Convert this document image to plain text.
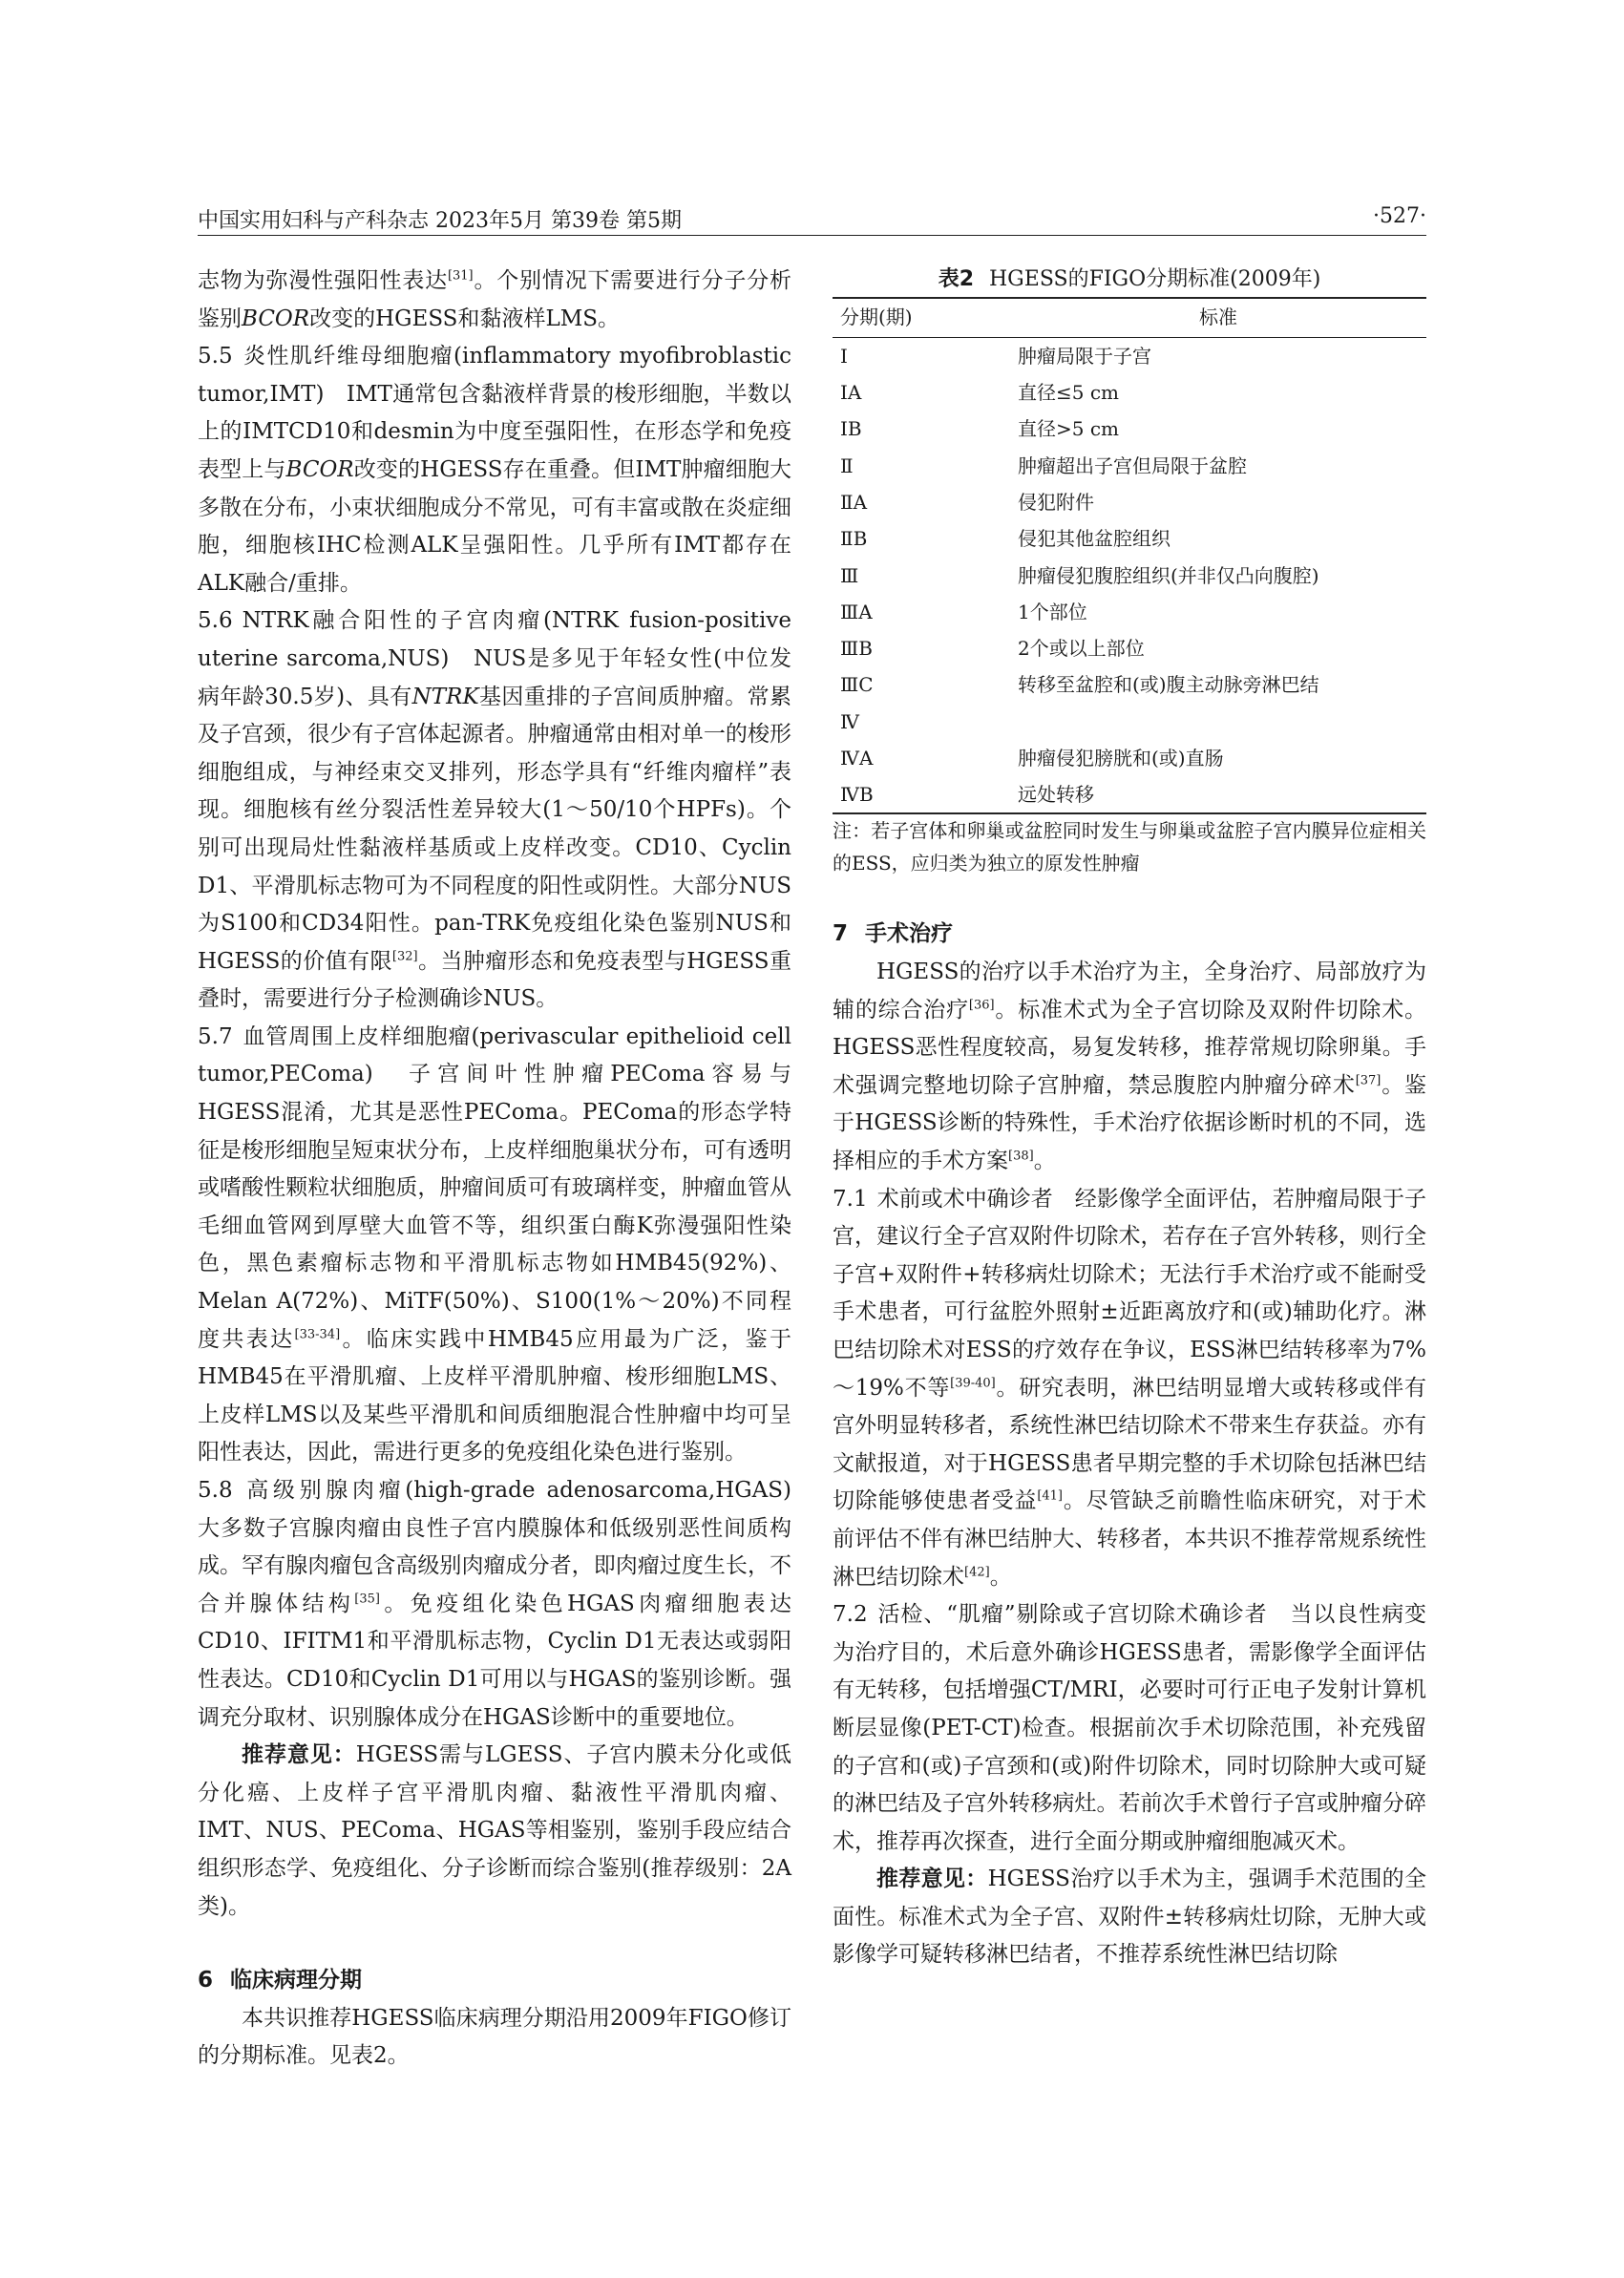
中国实用妇科与产科杂志 2023年5月 第39卷 第5期	·527·

志物为弥漫性强阳性表达[31]。个别情况下需要进行分子分析鉴别BCOR改变的HGESS和黏液样LMS。

5.5 炎性肌纤维母细胞瘤(inflammatory myofibroblastic tumor,IMT)　IMT通常包含黏液样背景的梭形细胞，半数以上的IMTCD10和desmin为中度至强阳性，在形态学和免疫表型上与BCOR改变的HGESS存在重叠。但IMT肿瘤细胞大多散在分布，小束状细胞成分不常见，可有丰富或散在炎症细胞，细胞核IHC检测ALK呈强阳性。几乎所有IMT都存在ALK融合/重排。

5.6 NTRK融合阳性的子宫肉瘤(NTRK fusion-positive uterine sarcoma,NUS)　NUS是多见于年轻女性(中位发病年龄30.5岁)、具有NTRK基因重排的子宫间质肿瘤。常累及子宫颈，很少有子宫体起源者。肿瘤通常由相对单一的梭形细胞组成，与神经束交叉排列，形态学具有“纤维肉瘤样”表现。细胞核有丝分裂活性差异较大(1～50/10个HPFs)。个别可出现局灶性黏液样基质或上皮样改变。CD10、Cyclin D1、平滑肌标志物可为不同程度的阳性或阴性。大部分NUS为S100和CD34阳性。pan-TRK免疫组化染色鉴别NUS和HGESS的价值有限[32]。当肿瘤形态和免疫表型与HGESS重叠时，需要进行分子检测确诊NUS。

5.7 血管周围上皮样细胞瘤(perivascular epithelioid cell tumor,PEComa)　子宫间叶性肿瘤PEComa容易与HGESS混淆，尤其是恶性PEComa。PEComa的形态学特征是梭形细胞呈短束状分布，上皮样细胞巢状分布，可有透明或嗜酸性颗粒状细胞质，肿瘤间质可有玻璃样变，肿瘤血管从毛细血管网到厚壁大血管不等，组织蛋白酶K弥漫强阳性染色，黑色素瘤标志物和平滑肌标志物如HMB45(92%)、Melan A(72%)、MiTF(50%)、S100(1%～20%)不同程度共表达[33-34]。临床实践中HMB45应用最为广泛，鉴于HMB45在平滑肌瘤、上皮样平滑肌肿瘤、梭形细胞LMS、上皮样LMS以及某些平滑肌和间质细胞混合性肿瘤中均可呈阳性表达，因此，需进行更多的免疫组化染色进行鉴别。

5.8 高级别腺肉瘤(high-grade adenosarcoma,HGAS)　大多数子宫腺肉瘤由良性子宫内膜腺体和低级别恶性间质构成。罕有腺肉瘤包含高级别肉瘤成分者，即肉瘤过度生长，不合并腺体结构[35]。免疫组化染色HGAS肉瘤细胞表达CD10、IFITM1和平滑肌标志物，Cyclin D1无表达或弱阳性表达。CD10和Cyclin D1可用以与HGAS的鉴别诊断。强调充分取材、识别腺体成分在HGAS诊断中的重要地位。

推荐意见：HGESS需与LGESS、子宫内膜未分化或低分化癌、上皮样子宫平滑肌肉瘤、黏液性平滑肌肉瘤、IMT、NUS、PEComa、HGAS等相鉴别，鉴别手段应结合组织形态学、免疫组化、分子诊断而综合鉴别(推荐级别：2A类)。

6 临床病理分期

本共识推荐HGESS临床病理分期沿用2009年FIGO修订的分期标准。见表2。

表2 HGESS的FIGO分期标准(2009年)

分期(期)	标准
Ⅰ	肿瘤局限于子宫
ⅠA	直径≤5 cm
ⅠB	直径>5 cm
Ⅱ	肿瘤超出子宫但局限于盆腔
ⅡA	侵犯附件
ⅡB	侵犯其他盆腔组织
Ⅲ	肿瘤侵犯腹腔组织(并非仅凸向腹腔)
ⅢA	1个部位
ⅢB	2个或以上部位
ⅢC	转移至盆腔和(或)腹主动脉旁淋巴结
Ⅳ	
ⅣA	肿瘤侵犯膀胱和(或)直肠
ⅣB	远处转移

注：若子宫体和卵巢或盆腔同时发生与卵巢或盆腔子宫内膜异位症相关的ESS，应归类为独立的原发性肿瘤

7 手术治疗

HGESS的治疗以手术治疗为主，全身治疗、局部放疗为辅的综合治疗[36]。标准术式为全子宫切除及双附件切除术。HGESS恶性程度较高，易复发转移，推荐常规切除卵巢。手术强调完整地切除子宫肿瘤，禁忌腹腔内肿瘤分碎术[37]。鉴于HGESS诊断的特殊性，手术治疗依据诊断时机的不同，选择相应的手术方案[38]。

7.1 术前或术中确诊者　经影像学全面评估，若肿瘤局限于子宫，建议行全子宫双附件切除术，若存在子宫外转移，则行全子宫+双附件+转移病灶切除术；无法行手术治疗或不能耐受手术患者，可行盆腔外照射±近距离放疗和(或)辅助化疗。淋巴结切除术对ESS的疗效存在争议，ESS淋巴结转移率为7%～19%不等[39-40]。研究表明，淋巴结明显增大或转移或伴有宫外明显转移者，系统性淋巴结切除术不带来生存获益。亦有文献报道，对于HGESS患者早期完整的手术切除包括淋巴结切除能够使患者受益[41]。尽管缺乏前瞻性临床研究，对于术前评估不伴有淋巴结肿大、转移者，本共识不推荐常规系统性淋巴结切除术[42]。

7.2 活检、“肌瘤”剔除或子宫切除术确诊者　当以良性病变为治疗目的，术后意外确诊HGESS患者，需影像学全面评估有无转移，包括增强CT/MRI，必要时可行正电子发射计算机断层显像(PET-CT)检查。根据前次手术切除范围，补充残留的子宫和(或)子宫颈和(或)附件切除术，同时切除肿大或可疑的淋巴结及子宫外转移病灶。若前次手术曾行子宫或肿瘤分碎术，推荐再次探查，进行全面分期或肿瘤细胞减灭术。

推荐意见：HGESS治疗以手术为主，强调手术范围的全面性。标准术式为全子宫、双附件±转移病灶切除，无肿大或影像学可疑转移淋巴结者，不推荐系统性淋巴结切除
